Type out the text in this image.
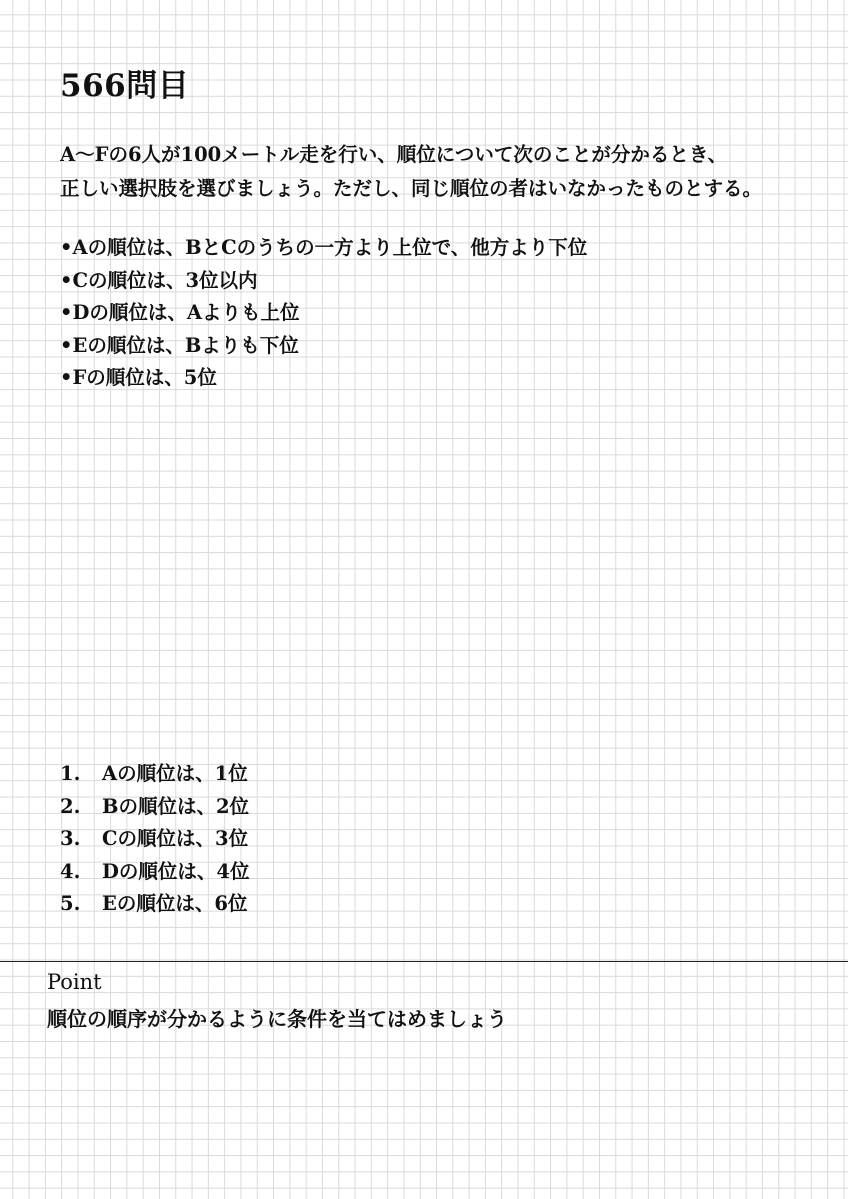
566問目
A〜Fの6人が100メートル走を行い、順位について次のことが分かるとき、
正しい選択肢を選びましょう。ただし、同じ順位の者はいなかったものとする。
•Aの順位は、BとCのうちの一方より上位で、他方より下位
•Cの順位は、3位以内
•Dの順位は、Aよりも上位
•Eの順位は、Bよりも下位
•Fの順位は、5位
1. Aの順位は、1位
2. Bの順位は、2位
3. Cの順位は、3位
4. Dの順位は、4位
5. Eの順位は、6位
Point
順位の順序が分かるように条件を当てはめましょう
